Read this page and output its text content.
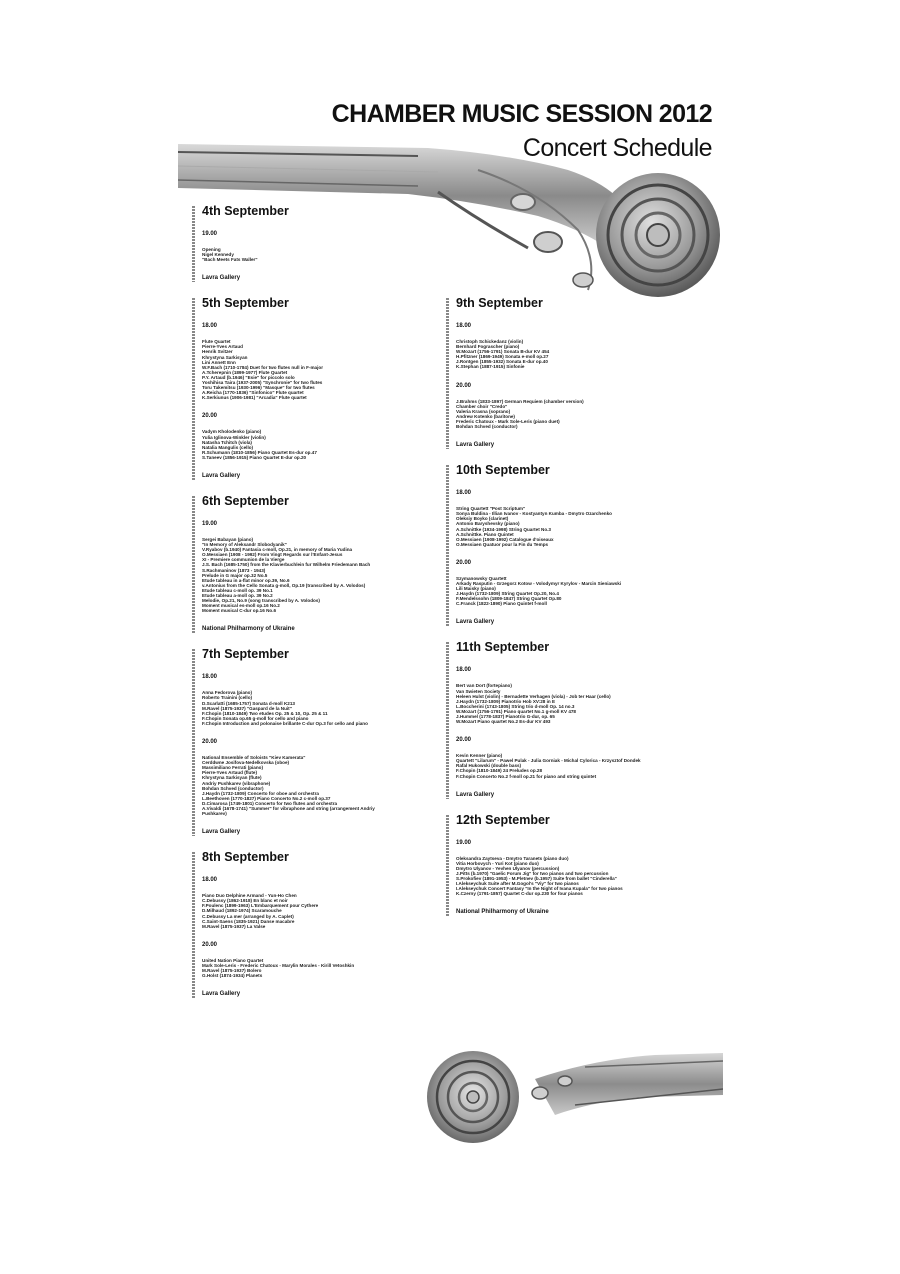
CHAMBER MUSIC SESSION 2012
Concert Schedule
4th September
19.00
Opening
Nigel Kennedy
"Bach Meets Fats Waller"
Lavra Gallery
5th September
18.00
Flute Quartet
Pierre-Yves Artaud
Henrik Svitzer
Khrystyna Sarkisyan
Lini Annett Enn
W.F.Bach (1710-1784) Duet for two flutes null in F-major
A.Tcherepnin (1899-1977) Flute Quartet
P.Y. Artaud (b.1946) "Esie" for piccolo solo
Yoshihisa Taira (1937-2005) "Synchronie" for two flutes
Toru Takemitsu (1930-1996) "Masque" for two flutes
A.Reicha (1770-1836) "Sinfonico" Flute quartet
K.Serkiunus (1906-1981) "Arcadia" Flute quartet
20.00
Vadym Kholodenko (piano)
Yulia Iglinova-Winkler (violin)
Natasha Tchitch (viola)
Natalia Mangulis (cello)
R.Schumann (1810-1856) Piano Quartet Es-dur op.47
S.Taneev (1856-1915) Piano Quartet E-dur op.20
Lavra Gallery
6th September
19.00
Sergei Babayan (piano)
"In Memory of Aleksandr Slobodyanik"
V.Ryabov (b.1940) Fantasia c-moll, Op.21, in memory of Maria Yudina
O.Messiaen (1908 - 1992) From Vingt Regards sur l'Enfant-Jesus
XI - Premiere communion de la Vierge
J.S. Bach (1685-1750) from the Klavierbuchlein fur Wilhelm Friedemann Bach
S.Rachmaninov (1873 - 1943)
Prelude in G major op.32 No.5
Etude tableau in a-flat minor op.39, No.6
v.Antonius from the Cello Sonata g-moll, Op.19 (transcribed by A. Volodos)
Etude tableau c-moll op. 39 No.1
Etude tableau a-moll op. 39 No.2
Melodie, Op.21, No.9 (song transcribed by A. Volodos)
Moment musical es-moll op.16 No.2
Moment musical C-dur op.16 No.6
National Philharmony of Ukraine
7th September
18.00
Anna Fedorova (piano)
Roberto Trainini (cello)
D.Scarlatti (1685-1757) Sonata d-moll K213
M.Ravel (1875-1937) "Gaspard de la Nuit"
F.Chopin (1810-1849) Two etudes Op. 25 & 10, Op. 25 & 11
F.Chopin Sonata op.65 g-moll for cello and piano
F.Chopin Introduction and polonaise brillante C-dur Op.3 for cello and piano
20.00
National Ensemble of Soloists "Kiev Kamerata"
Cerddwne Josifova-Nedelkovska (oboe)
Massimiliano Ferrati (piano)
Pierre-Yves Artaud (flute)
Khrystyna Sarkisyan (flute)
Andriy Pushkarev (vibraphone)
Bohdan Schved (conductor)
J.Haydn (1732-1809) Concerto for oboe and orchestra
L.Beethoven (1770-1827) Piano Concerto No.2 c-moll op.37
D.Cimarosa (1749-1801) Concerto for two flutes and orchestra
A.Vivaldi (1678-1741) "Summer" for vibraphone and string (arrangement Andriy
Pushkarev)
Lavra Gallery
8th September
18.00
Piano Duo Delphine Armand - Yun-Ho Chen
C.Debussy (1862-1918) En blanc et noir
F.Poulenc (1899-1963) L'Embarquement pour Cythere
D.Milhaud (1892-1974) Scaramouche
C.Debussy La mer (arranged by A. Caplet)
C.Saint-Saens (1835-1921) Danse macabre
M.Ravel (1875-1937) La Valse
20.00
United Nation Piano Quartet
Mark Sole-Leris - Frederic Chatoux - Marylin Morales - Kirill Vetoshkin
M.Ravel (1875-1937) Bolero
G.Holst (1874-1934) Planets
Lavra Gallery
9th September
18.00
Christoph Schickedanz (violin)
Bernhard Fograscher (piano)
W.Mozart (1756-1791) Sonata B-dur KV 454
H.Pfitzner (1869-1949) Sonata e-moll op.27
J.Rontgen (1855-1932) Sonata E-dur op.40
K.Stephan (1887-1915) Sinfonie
20.00
J.Brahms (1833-1897) German Requiem (chamber version)
Chamber choir "Credo"
Valeria Krasna (soprano)
Andrew Kotenko (baritone)
Frederic Chatoux - Mark Sole-Leris (piano duet)
Bohdan Schved (conductor)
Lavra Gallery
10th September
18.00
String Quartett "Post Scriptum"
Sonya Buldina - Illian Ivanov - Kostyantyn Kumba - Dmytro Ozarchenko
Oleksiy Boyko (clarinet)
Antonio Baryshevsky (piano)
A.Schnittke (1934-1998) String Quartet No.3
A.Schnittke. Piano Quintet
O.Messiaen (1908-1992) Catalogue d'oiseaux
O.Messiaen Quatuor pour la Fin du Temps
20.00
Szymanowsky Quartett
Arkady Rasputin - Grzegorz Kotow - Volodymyr Kyrylov - Marcin Sieniawski
Lili Maisky (piano)
J.Haydn (1732-1809) String Quartet Op.20, No.4
F.Mendelssohn (1809-1847) String Quartet Op.80
C.Franck (1822-1890) Piano Quintet f-moll
Lavra Gallery
11th September
18.00
Bert van Dort (fortepiano)
Van Swieten Society
Heleen Hulst (violin) - Bernadette Verhagen (viola) - Job ter Haar (cello)
J.Haydn (1732-1809) Pianotrio Hob XV:28 in E
L.Boccherini (1743-1805) String trio d-moll Op. 14 no.3
W.Mozart (1756-1791) Piano quartet No.1 g-moll KV 478
J.Hummel (1778-1837) Pianotrio G-dur, op. 65
W.Mozart Piano quartet No.2 Es-dur KV 493
20.00
Kevin Kenner (piano)
Quartett "Lilarum" - Pawel Pulak - Julia Gorniak - Michal Cylorica - Krzysztof Dondek
Rafal Hukowski (double bass)
F.Chopin (1810-1849) 24 Preludes op.28
F.Chopin Concerto No.2 f-moll op.21 for piano and string quintet
Lavra Gallery
12th September
19.00
Oleksandra Zaytseva - Dmytro Taranets (piano duo)
Vitia Horbovych - Yuri Kot (piano duo)
Dmytro Ulyanov - Yevhen Ulyanov (percussion)
J.Pitts (b.1970) "Gaelic Forum Jig" for two pianos and two percussion
S.Prokofiev (1891-1953) - M.Pletnev (b.1957) Suite from ballet "Cinderella"
I.Alekseychuk Suite after M.Gogol's "Viy" for two pianos
I.Alekseychuk Concert Fantasy "In the Night of Ivana Kupala" for two pianos
K.Czerny (1791-1857) Quartet C-dur op.230 for four pianos
National Philharmony of Ukraine
